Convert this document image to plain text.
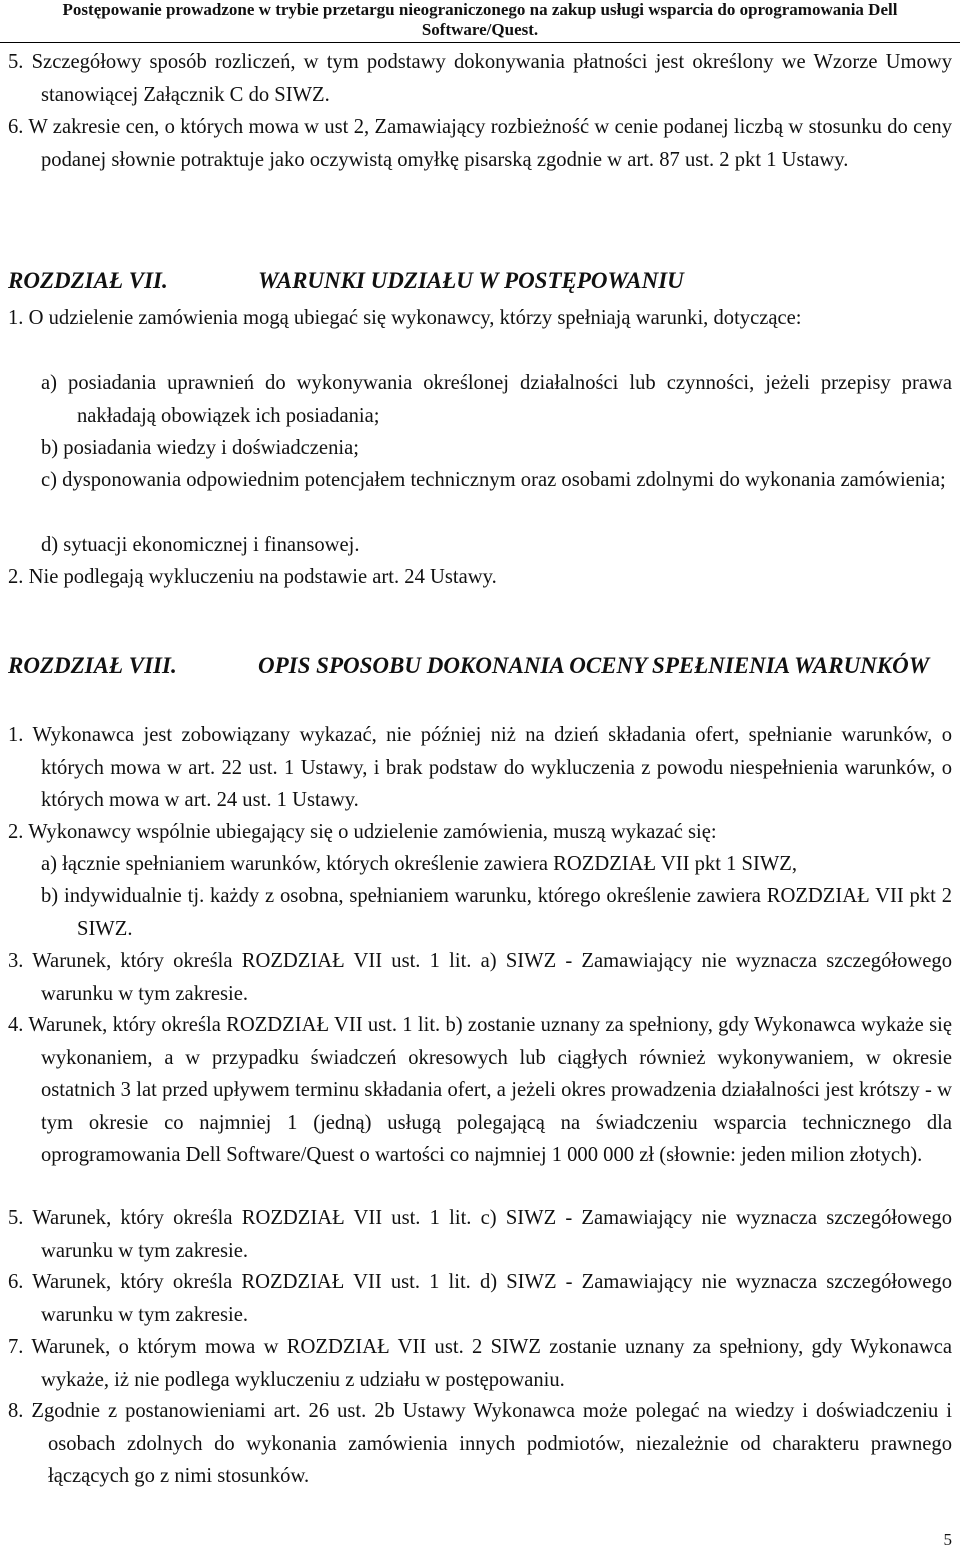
Postępowanie prowadzone w trybie przetargu nieograniczonego na zakup usługi wsparcia do oprogramowania Dell
Software/Quest.
5. Szczegółowy sposób rozliczeń, w tym podstawy dokonywania płatności jest określony we Wzorze Umowy stanowiącej Załącznik C do SIWZ.
6. W zakresie cen, o których mowa w ust 2, Zamawiający rozbieżność w cenie podanej liczbą w stosunku do ceny podanej słownie potraktuje jako oczywistą omyłkę pisarską zgodnie w art. 87 ust. 2 pkt 1 Ustawy.
ROZDZIAŁ VII.	WARUNKI UDZIAŁU W POSTĘPOWANIU
1. O udzielenie zamówienia mogą ubiegać się wykonawcy, którzy spełniają warunki, dotyczące:
a) posiadania uprawnień do wykonywania określonej działalności lub czynności, jeżeli przepisy prawa nakładają obowiązek ich posiadania;
b) posiadania wiedzy i doświadczenia;
c) dysponowania odpowiednim potencjałem technicznym oraz osobami zdolnymi do wykonania zamówienia;
d) sytuacji ekonomicznej i finansowej.
2. Nie podlegają wykluczeniu na podstawie art. 24 Ustawy.
ROZDZIAŁ VIII.	OPIS SPOSOBU DOKONANIA OCENY SPEŁNIENIA WARUNKÓW
1. Wykonawca jest zobowiązany wykazać, nie później niż na dzień składania ofert, spełnianie warunków, o których mowa w art. 22 ust. 1 Ustawy, i brak podstaw do wykluczenia z powodu niespełnienia warunków, o których mowa w art. 24 ust. 1 Ustawy.
2. Wykonawcy wspólnie ubiegający się o udzielenie zamówienia, muszą wykazać się:
a) łącznie spełnianiem warunków, których określenie zawiera ROZDZIAŁ VII pkt 1 SIWZ,
b) indywidualnie tj. każdy z osobna, spełnianiem warunku, którego określenie zawiera ROZDZIAŁ VII pkt 2 SIWZ.
3. Warunek, który określa ROZDZIAŁ VII ust. 1 lit. a) SIWZ - Zamawiający nie wyznacza szczegółowego warunku w tym zakresie.
4. Warunek, który określa ROZDZIAŁ VII ust. 1 lit. b) zostanie uznany za spełniony, gdy Wykonawca wykaże się wykonaniem, a w przypadku świadczeń okresowych lub ciągłych również wykonywaniem, w okresie ostatnich 3 lat przed upływem terminu składania ofert, a jeżeli okres prowadzenia działalności jest krótszy - w tym okresie co najmniej 1 (jedną) usługą polegającą na świadczeniu wsparcia technicznego dla oprogramowania Dell Software/Quest o wartości co najmniej 1 000 000 zł (słownie: jeden milion złotych).
5. Warunek, który określa ROZDZIAŁ VII ust. 1 lit. c) SIWZ - Zamawiający nie wyznacza szczegółowego warunku w tym zakresie.
6. Warunek, który określa ROZDZIAŁ VII ust. 1 lit. d) SIWZ - Zamawiający nie wyznacza szczegółowego warunku w tym zakresie.
7. Warunek, o którym mowa w ROZDZIAŁ VII ust. 2 SIWZ zostanie uznany za spełniony, gdy Wykonawca wykaże, iż nie podlega wykluczeniu z udziału w postępowaniu.
8. Zgodnie z postanowieniami art. 26 ust. 2b Ustawy Wykonawca może polegać na wiedzy i doświadczeniu i osobach zdolnych do wykonania zamówienia innych podmiotów, niezależnie od charakteru prawnego łączących go z nimi stosunków.
5
